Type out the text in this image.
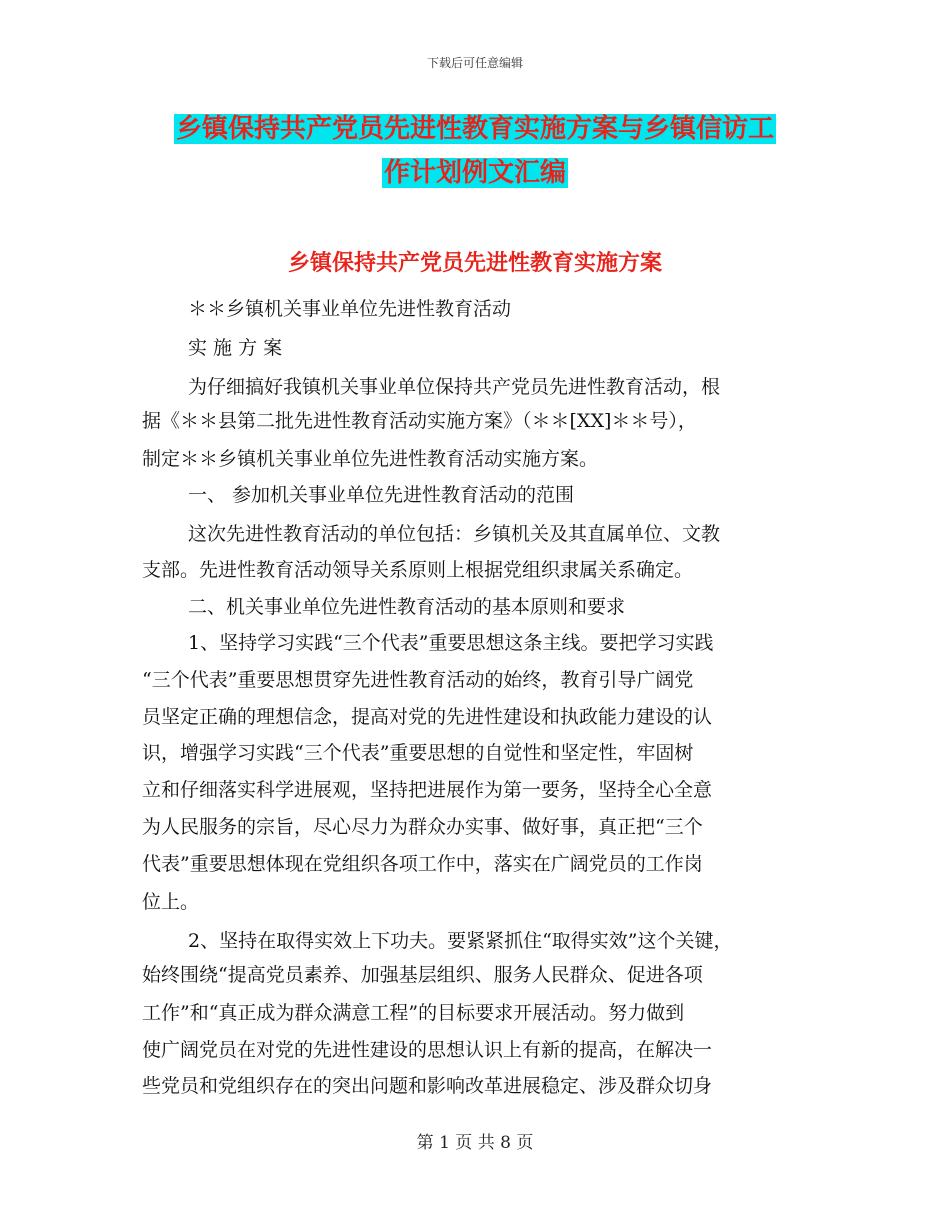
下载后可任意编辑
乡镇保持共产党员先进性教育实施方案与乡镇信访工
作计划例文汇编
乡镇保持共产党员先进性教育实施方案
＊＊乡镇机关事业单位先进性教育活动
实 施 方 案
为仔细搞好我镇机关事业单位保持共产党员先进性教育活动，根
据《＊＊县第二批先进性教育活动实施方案》（＊＊[XX]＊＊号），
制定＊＊乡镇机关事业单位先进性教育活动实施方案。
一、 参加机关事业单位先进性教育活动的范围
这次先进性教育活动的单位包括：乡镇机关及其直属单位、文教
支部。先进性教育活动领导关系原则上根据党组织隶属关系确定。
二、机关事业单位先进性教育活动的基本原则和要求
1、坚持学习实践“三个代表”重要思想这条主线。要把学习实践
“三个代表”重要思想贯穿先进性教育活动的始终，教育引导广阔党
员坚定正确的理想信念，提高对党的先进性建设和执政能力建设的认
识，增强学习实践“三个代表”重要思想的自觉性和坚定性，牢固树
立和仔细落实科学进展观，坚持把进展作为第一要务，坚持全心全意
为人民服务的宗旨，尽心尽力为群众办实事、做好事，真正把“三个
代表”重要思想体现在党组织各项工作中，落实在广阔党员的工作岗
位上。
2、坚持在取得实效上下功夫。要紧紧抓住“取得实效”这个关键，
始终围绕“提高党员素养、加强基层组织、服务人民群众、促进各项
工作”和“真正成为群众满意工程”的目标要求开展活动。努力做到
使广阔党员在对党的先进性建设的思想认识上有新的提高，在解决一
些党员和党组织存在的突出问题和影响改革进展稳定、涉及群众切身
第 1 页 共 8 页
